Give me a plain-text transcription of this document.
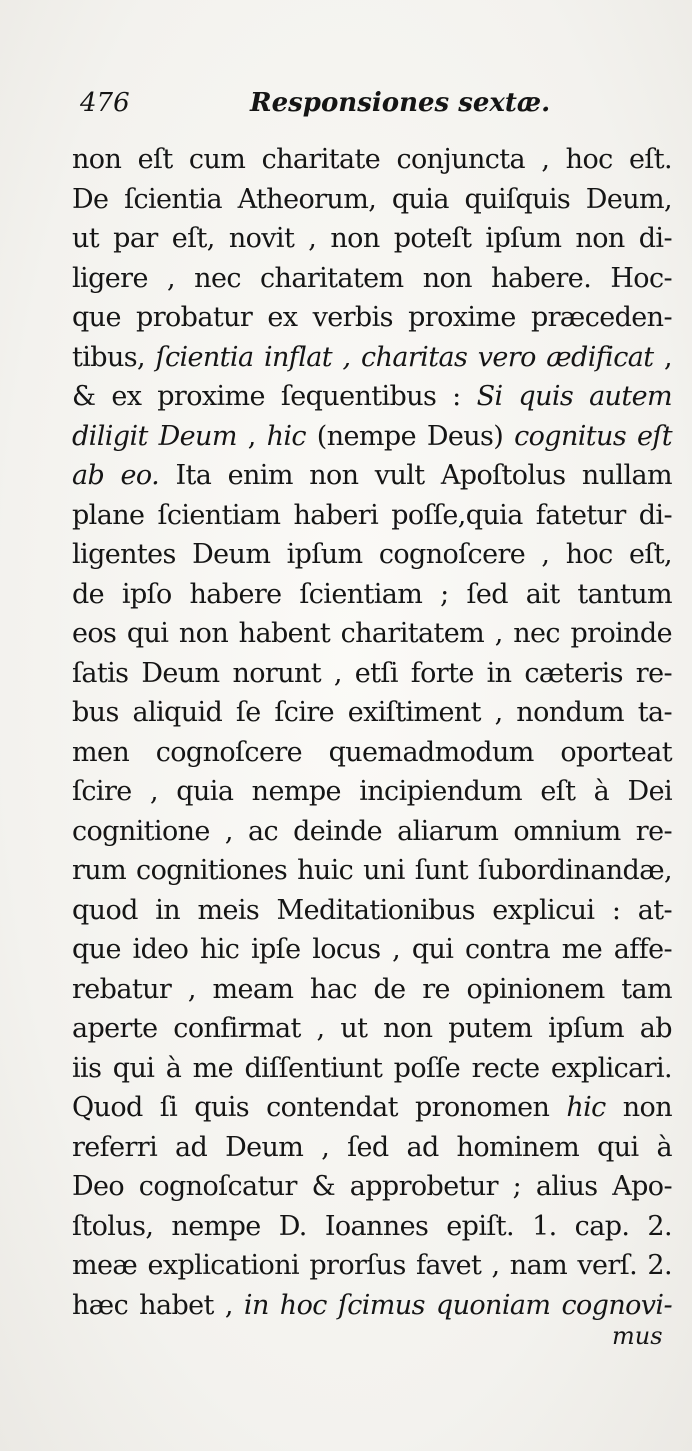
476	Responsiones sextæ.
non eſt cum charitate conjuncta , hoc eſt.
De ſcientia Atheorum, quia quiſquis Deum,
ut par eſt, novit , non poteſt ipſum non di-
ligere , nec charitatem non habere. Hoc-
que probatur ex verbis proxime præceden-
tibus, ſcientia inflat , charitas vero ædificat ,
& ex proxime ſequentibus : Si quis autem
diligit Deum , hic (nempe Deus) cognitus eſt
ab eo. Ita enim non vult Apoſtolus nullam
plane ſcientiam haberi poſſe,quia fatetur di-
ligentes Deum ipſum cognoſcere , hoc eſt,
de ipſo habere ſcientiam ; ſed ait tantum
eos qui non habent charitatem , nec proinde
ſatis Deum norunt , etſi forte in cæteris re-
bus aliquid ſe ſcire exiſtiment , nondum ta-
men cognoſcere quemadmodum oporteat
ſcire , quia nempe incipiendum eſt à Dei
cognitione , ac deinde aliarum omnium re-
rum cognitiones huic uni ſunt ſubordinandæ,
quod in meis Meditationibus explicui : at-
que ideo hic ipſe locus , qui contra me affe-
rebatur , meam hac de re opinionem tam
aperte confirmat , ut non putem ipſum ab
iis qui à me diſſentiunt poſſe recte explicari.
Quod ſi quis contendat pronomen hic non
referri ad Deum , ſed ad hominem qui à
Deo cognoſcatur & approbetur ; alius Apo-
ſtolus, nempe D. Ioannes epiſt. 1. cap. 2.
meæ explicationi prorſus favet , nam verſ. 2.
hæc habet , in hoc ſcimus quoniam cognovi-
mus
